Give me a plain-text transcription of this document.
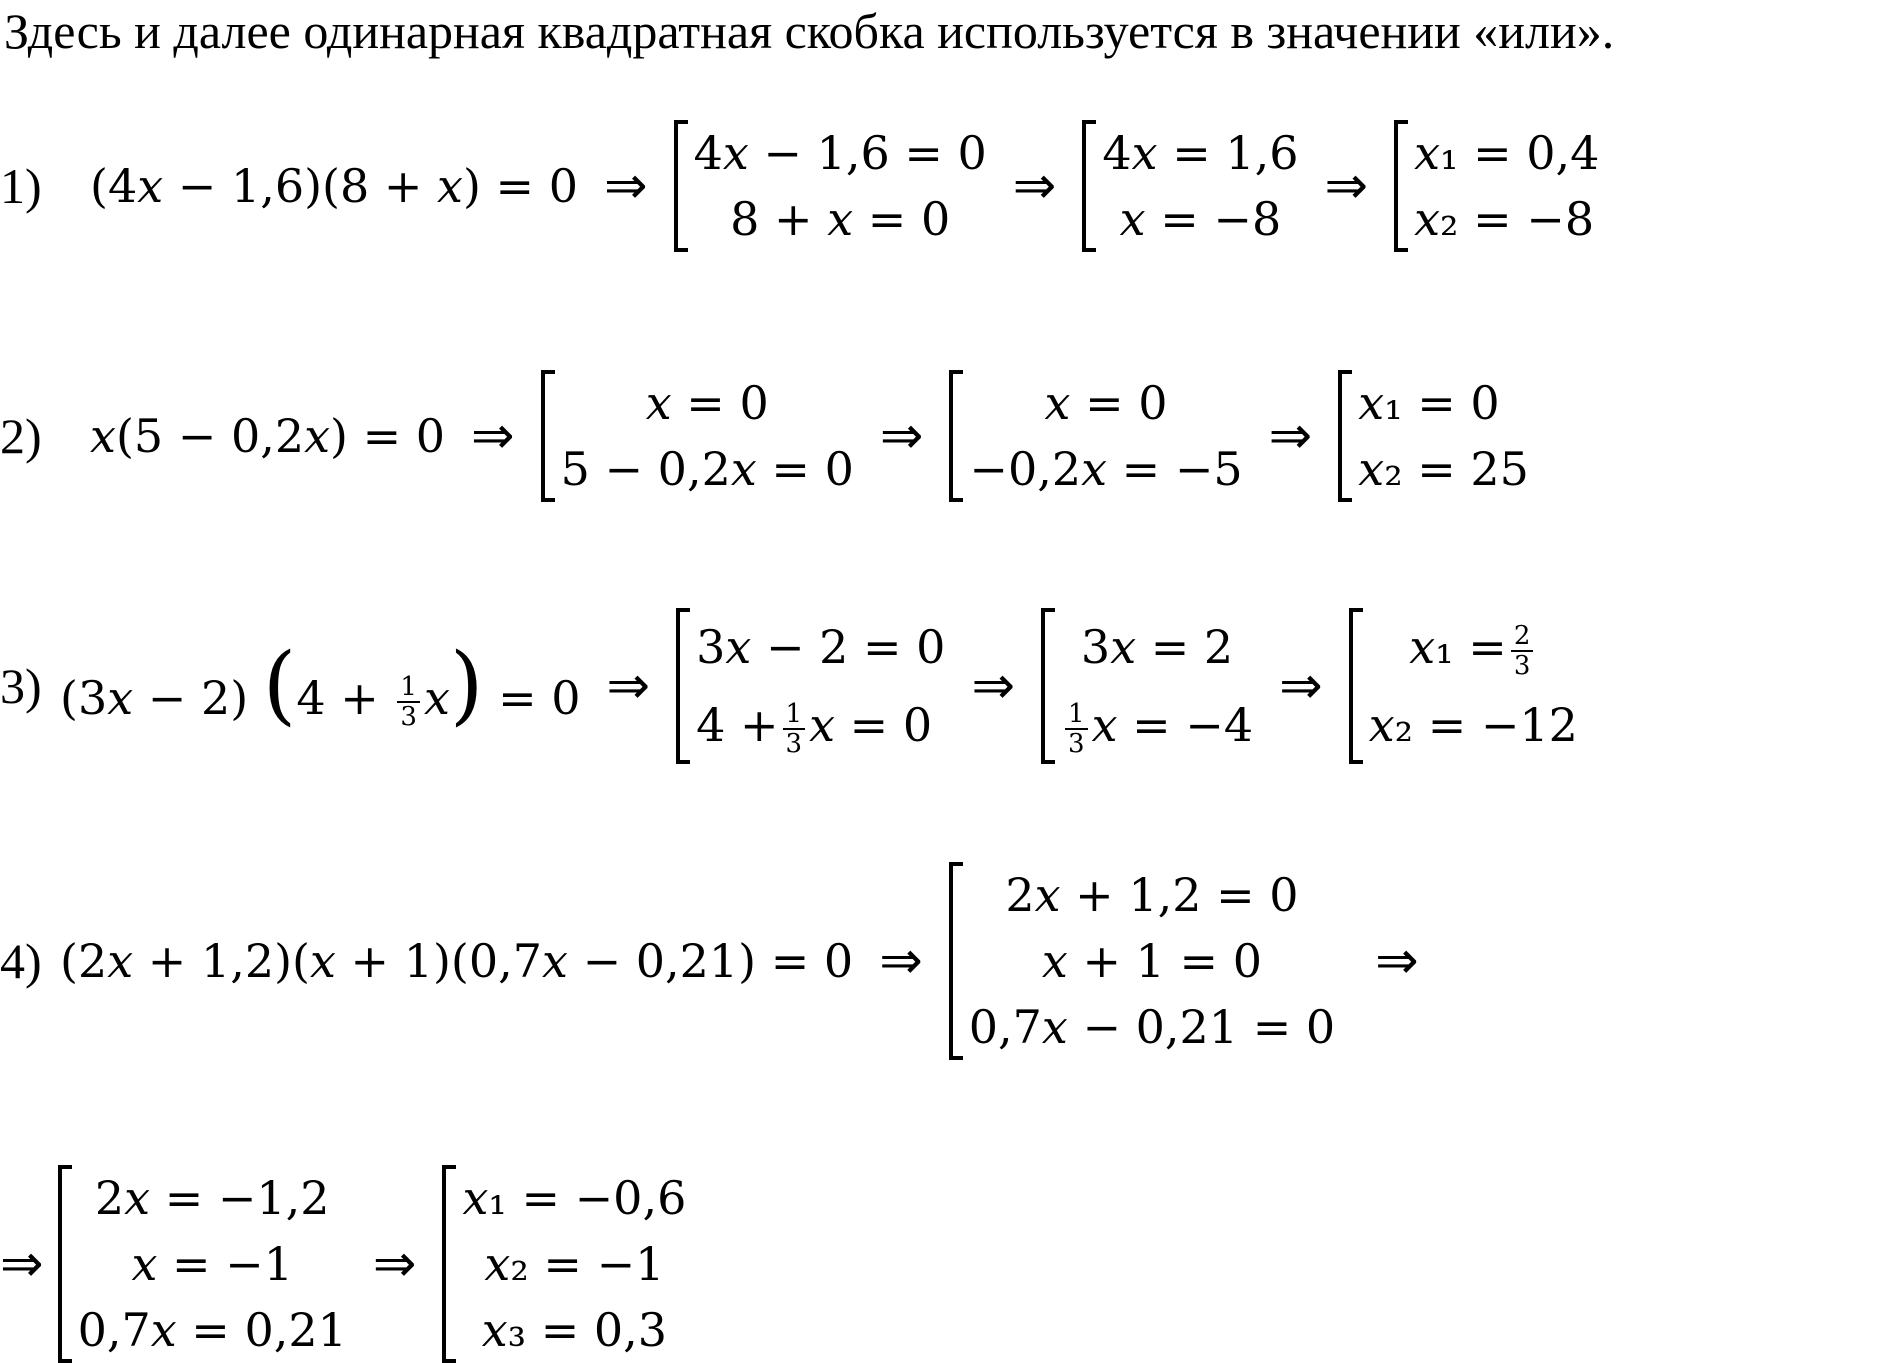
Здесь и далее одинарная квадратная скобка используется в значении «или».
1)	(4𝑥 − 1,6)(8 + 𝑥) = 0 ⇒
4𝑥 − 1,6 = 0
8 + 𝑥 = 0
⇒
4𝑥 = 1,6
𝑥 = −8
⇒
𝑥₁ = 0,4
𝑥₂ = −8
2)	𝑥(5 − 0,2𝑥) = 0 ⇒
𝑥 = 0
5 − 0,2𝑥 = 0
⇒
𝑥 = 0
−0,2𝑥 = −5
⇒
𝑥₁ = 0
𝑥₂ = 25
3) (3𝑥 − 2) ($4 + \frac{1}{3}$ 𝑥) = 0 ⇒
3𝑥 − 2 = 0
$4 + \frac{1}{3}$ 𝑥 = 0
⇒
3𝑥 = 2
$\frac{1}{3}$ 𝑥 = −4
⇒
𝑥₁ = $\frac{2}{3}$
𝑥₂ = −12
4) (2𝑥 + 1,2)(𝑥 + 1)(0,7𝑥 − 0,21) = 0 ⇒
2𝑥 + 1,2 = 0
𝑥 + 1 = 0
0,7𝑥 − 0,21 = 0
⇒
⇒
2𝑥 = −1,2
𝑥 = −1
0,7𝑥 = 0,21
⇒
𝑥₁ = −0,6
𝑥₂ = −1
𝑥₃ = 0,3
